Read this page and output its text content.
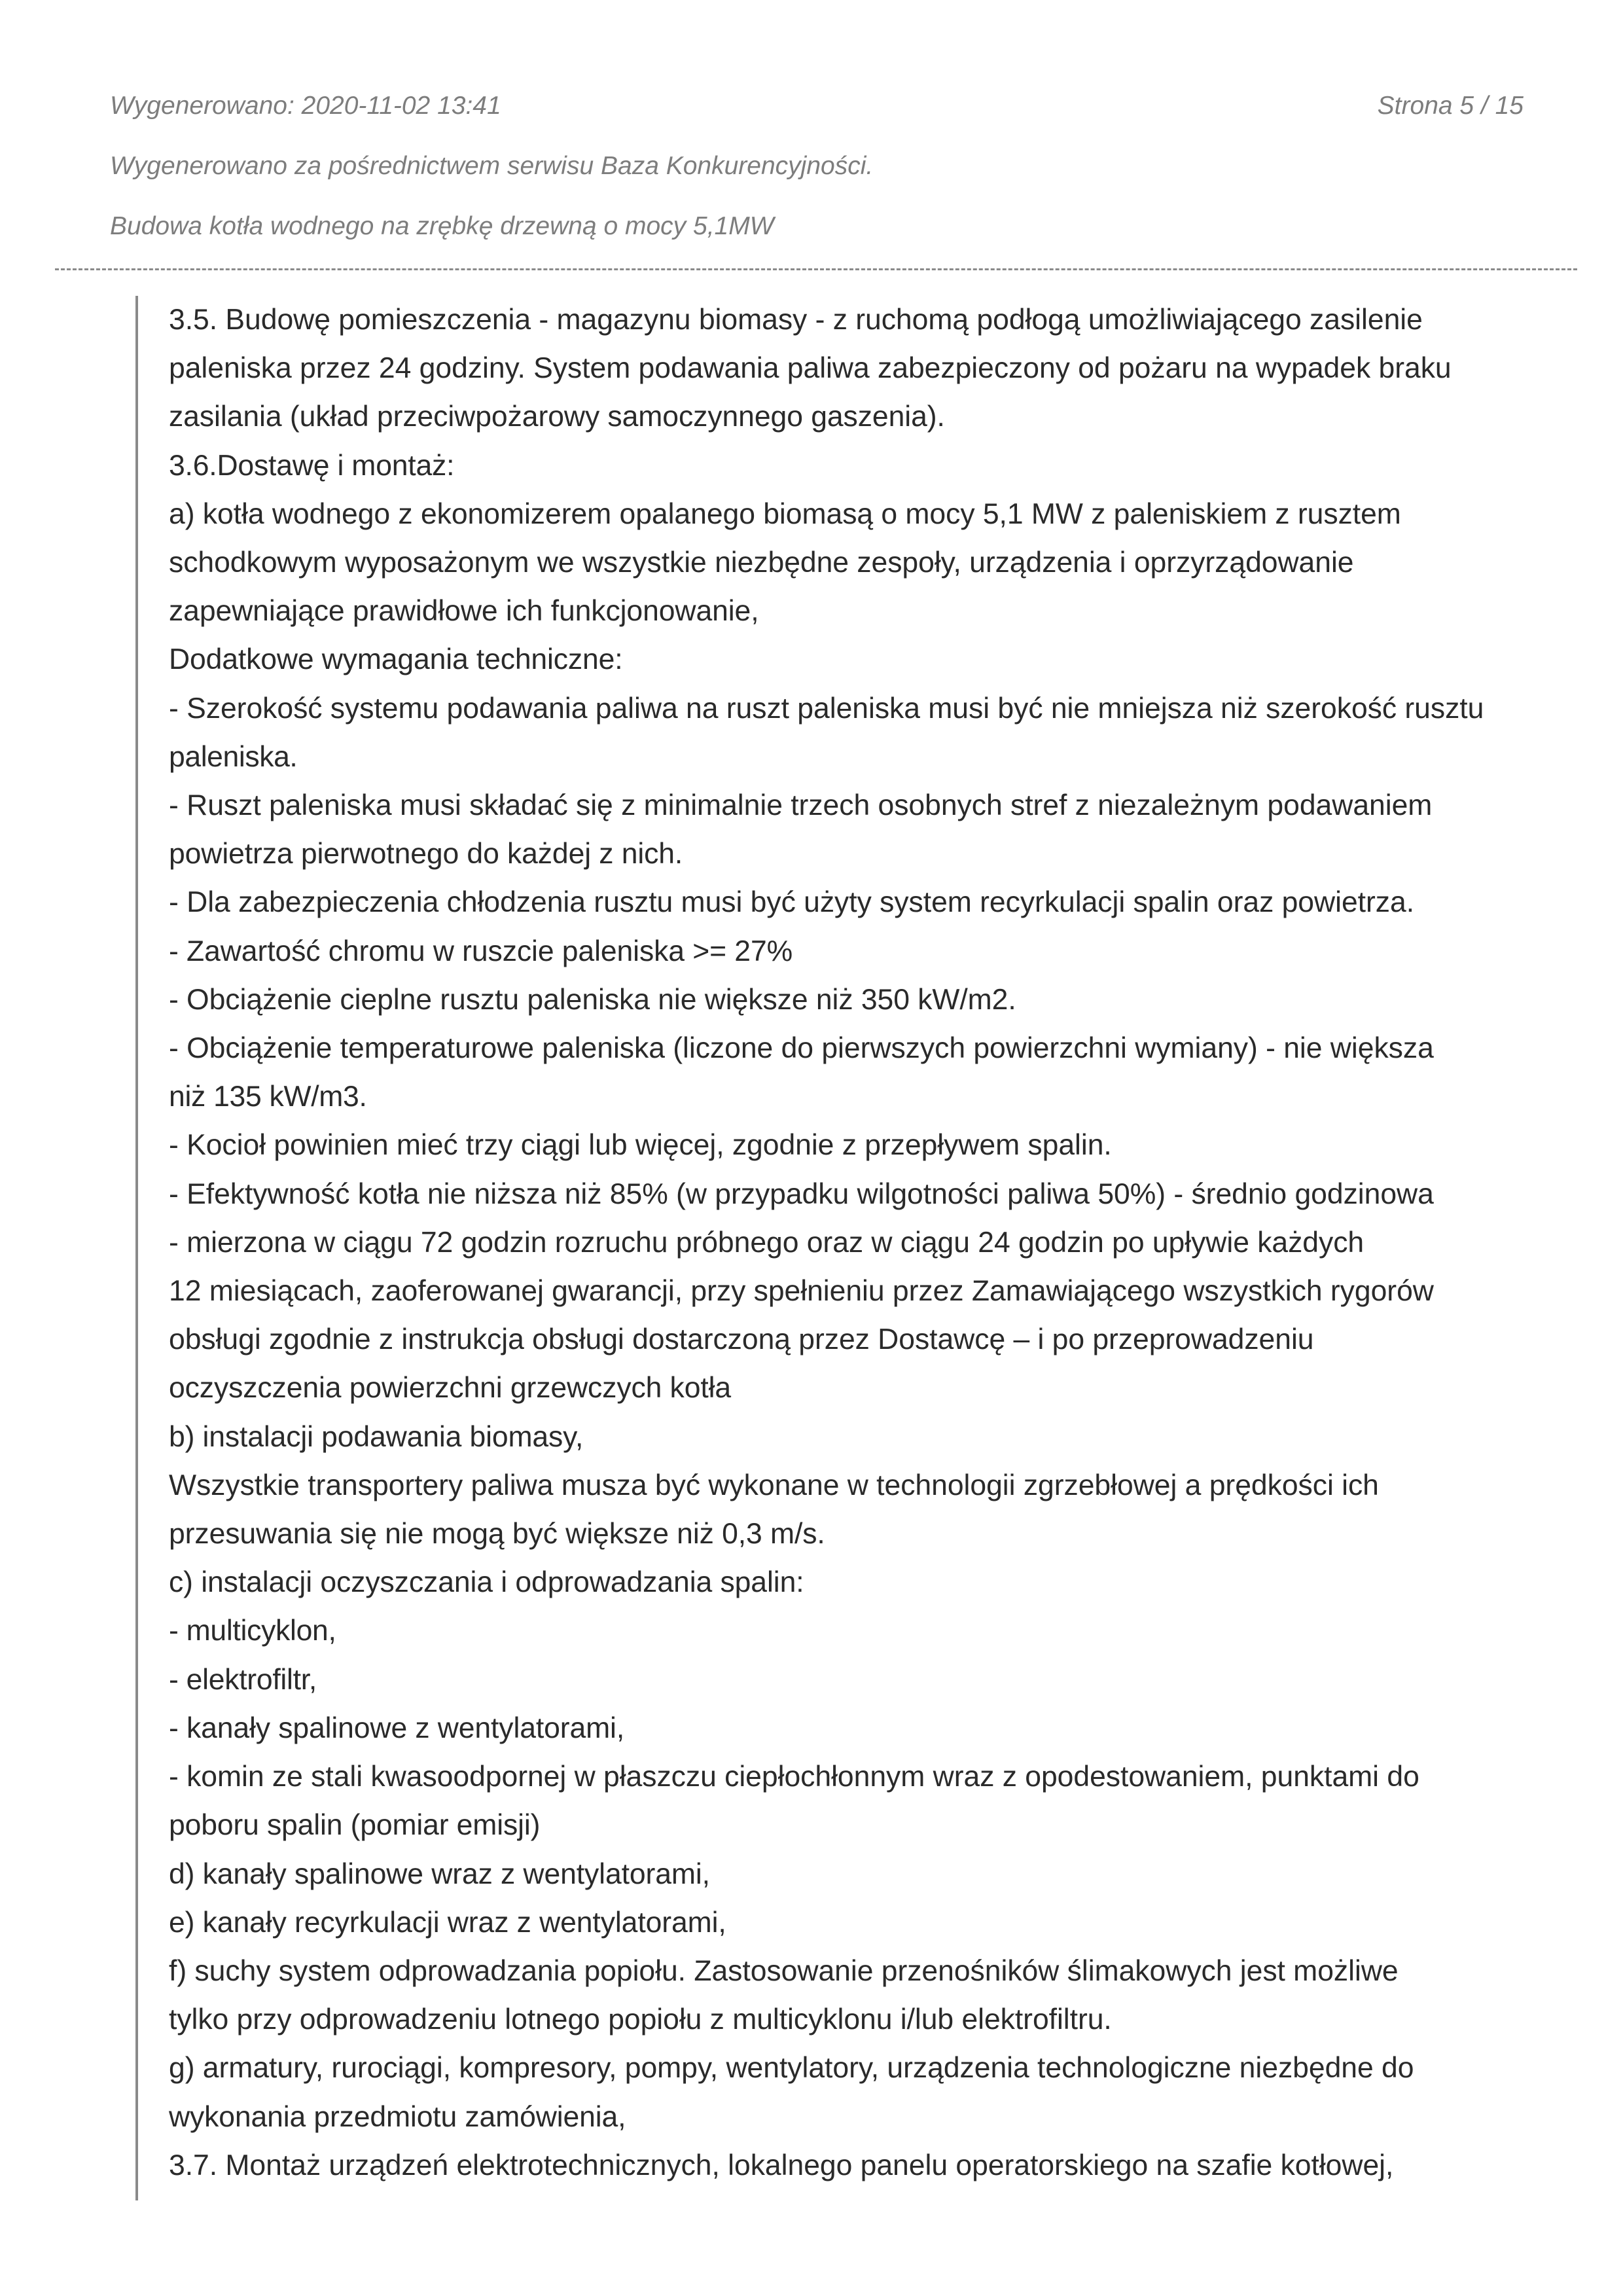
Wygenerowano: 2020-11-02 13:41	Strona 5 / 15
Wygenerowano za pośrednictwem serwisu Baza Konkurencyjności.
Budowa kotła wodnego na zrębkę drzewną o mocy 5,1MW
3.5. Budowę pomieszczenia - magazynu biomasy - z ruchomą podłogą umożliwiającego zasilenie
paleniska przez 24 godziny. System podawania paliwa zabezpieczony od pożaru na wypadek braku
zasilania (układ przeciwpożarowy samoczynnego gaszenia).
3.6.Dostawę i montaż:
a) kotła wodnego z ekonomizerem opalanego biomasą o mocy 5,1 MW z paleniskiem z rusztem
schodkowym wyposażonym we wszystkie niezbędne zespoły, urządzenia i oprzyrządowanie
zapewniające prawidłowe ich funkcjonowanie,
Dodatkowe wymagania techniczne:
- Szerokość systemu podawania paliwa na ruszt paleniska musi być nie mniejsza niż szerokość rusztu
paleniska.
- Ruszt paleniska musi składać się z minimalnie trzech osobnych stref z niezależnym podawaniem
powietrza pierwotnego do każdej z nich.
- Dla zabezpieczenia chłodzenia rusztu musi być użyty system recyrkulacji spalin oraz powietrza.
- Zawartość chromu w ruszcie paleniska >= 27%
- Obciążenie cieplne rusztu paleniska nie większe niż 350 kW/m2.
- Obciążenie temperaturowe paleniska (liczone do pierwszych powierzchni wymiany) - nie większa
niż 135 kW/m3.
- Kocioł powinien mieć trzy ciągi lub więcej, zgodnie z przepływem spalin.
- Efektywność kotła nie niższa niż 85% (w przypadku wilgotności paliwa 50%) - średnio godzinowa
- mierzona w ciągu 72 godzin rozruchu próbnego oraz w ciągu 24 godzin po upływie każdych
12 miesiącach, zaoferowanej gwarancji, przy spełnieniu przez Zamawiającego wszystkich rygorów
obsługi zgodnie z instrukcja obsługi dostarczoną przez Dostawcę – i po przeprowadzeniu
oczyszczenia powierzchni grzewczych kotła
b) instalacji podawania biomasy,
Wszystkie transportery paliwa musza być wykonane w technologii zgrzebłowej a prędkości ich
przesuwania się nie mogą być większe niż 0,3 m/s.
c) instalacji oczyszczania i odprowadzania spalin:
- multicyklon,
- elektrofiltr,
- kanały spalinowe z wentylatorami,
- komin ze stali kwasoodpornej w płaszczu ciepłochłonnym wraz z opodestowaniem, punktami do
poboru spalin (pomiar emisji)
d) kanały spalinowe wraz z wentylatorami,
e) kanały recyrkulacji wraz z wentylatorami,
f) suchy system odprowadzania popiołu. Zastosowanie przenośników ślimakowych jest możliwe
tylko przy odprowadzeniu lotnego popiołu z multicyklonu i/lub elektrofiltru.
g) armatury, rurociągi, kompresory, pompy, wentylatory, urządzenia technologiczne niezbędne do
wykonania przedmiotu zamówienia,
3.7. Montaż urządzeń elektrotechnicznych, lokalnego panelu operatorskiego na szafie kotłowej,
